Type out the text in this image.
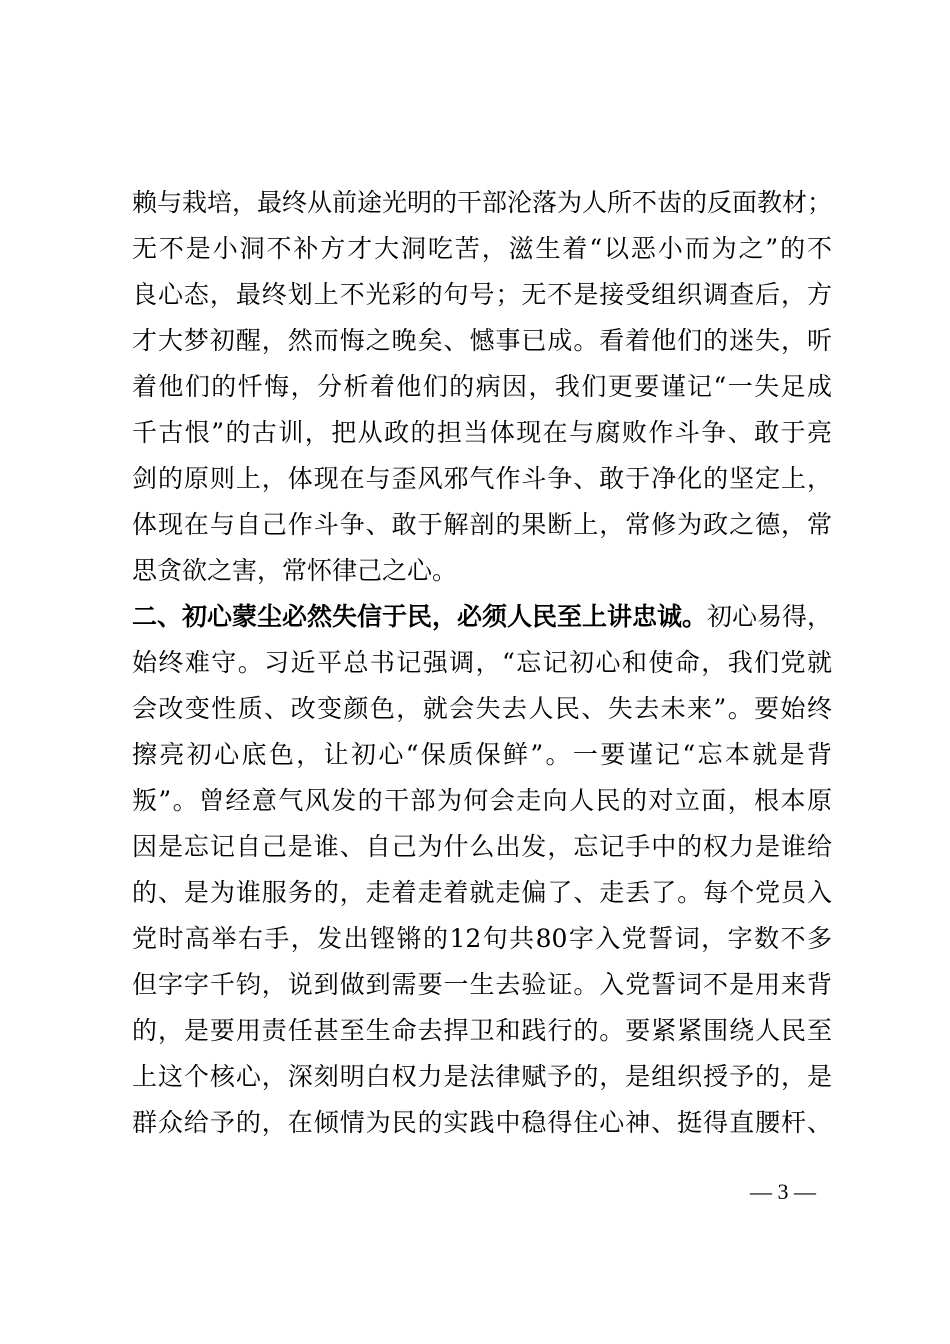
赖与栽培，最终从前途光明的干部沦落为人所不齿的反面教材；
无不是小洞不补方才大洞吃苦，滋生着“以恶小而为之”的不
良心态，最终划上不光彩的句号；无不是接受组织调查后，方
才大梦初醒，然而悔之晚矣、憾事已成。看着他们的迷失，听
着他们的忏悔，分析着他们的病因，我们更要谨记“一失足成
千古恨”的古训，把从政的担当体现在与腐败作斗争、敢于亮
剑的原则上，体现在与歪风邪气作斗争、敢于净化的坚定上，
体现在与自己作斗争、敢于解剖的果断上，常修为政之德，常
思贪欲之害，常怀律己之心。
二、初心蒙尘必然失信于民，必须人民至上讲忠诚。初心易得，
始终难守。习近平总书记强调，“忘记初心和使命，我们党就
会改变性质、改变颜色，就会失去人民、失去未来”。要始终
擦亮初心底色，让初心“保质保鲜”。一要谨记“忘本就是背
叛”。曾经意气风发的干部为何会走向人民的对立面，根本原
因是忘记自己是谁、自己为什么出发，忘记手中的权力是谁给
的、是为谁服务的，走着走着就走偏了、走丢了。每个党员入
党时高举右手，发出铿锵的12句共80字入党誓词，字数不多
但字字千钧，说到做到需要一生去验证。入党誓词不是用来背
的，是要用责任甚至生命去捍卫和践行的。要紧紧围绕人民至
上这个核心，深刻明白权力是法律赋予的，是组织授予的，是
群众给予的，在倾情为民的实践中稳得住心神、挺得直腰杆、
— 3 —
